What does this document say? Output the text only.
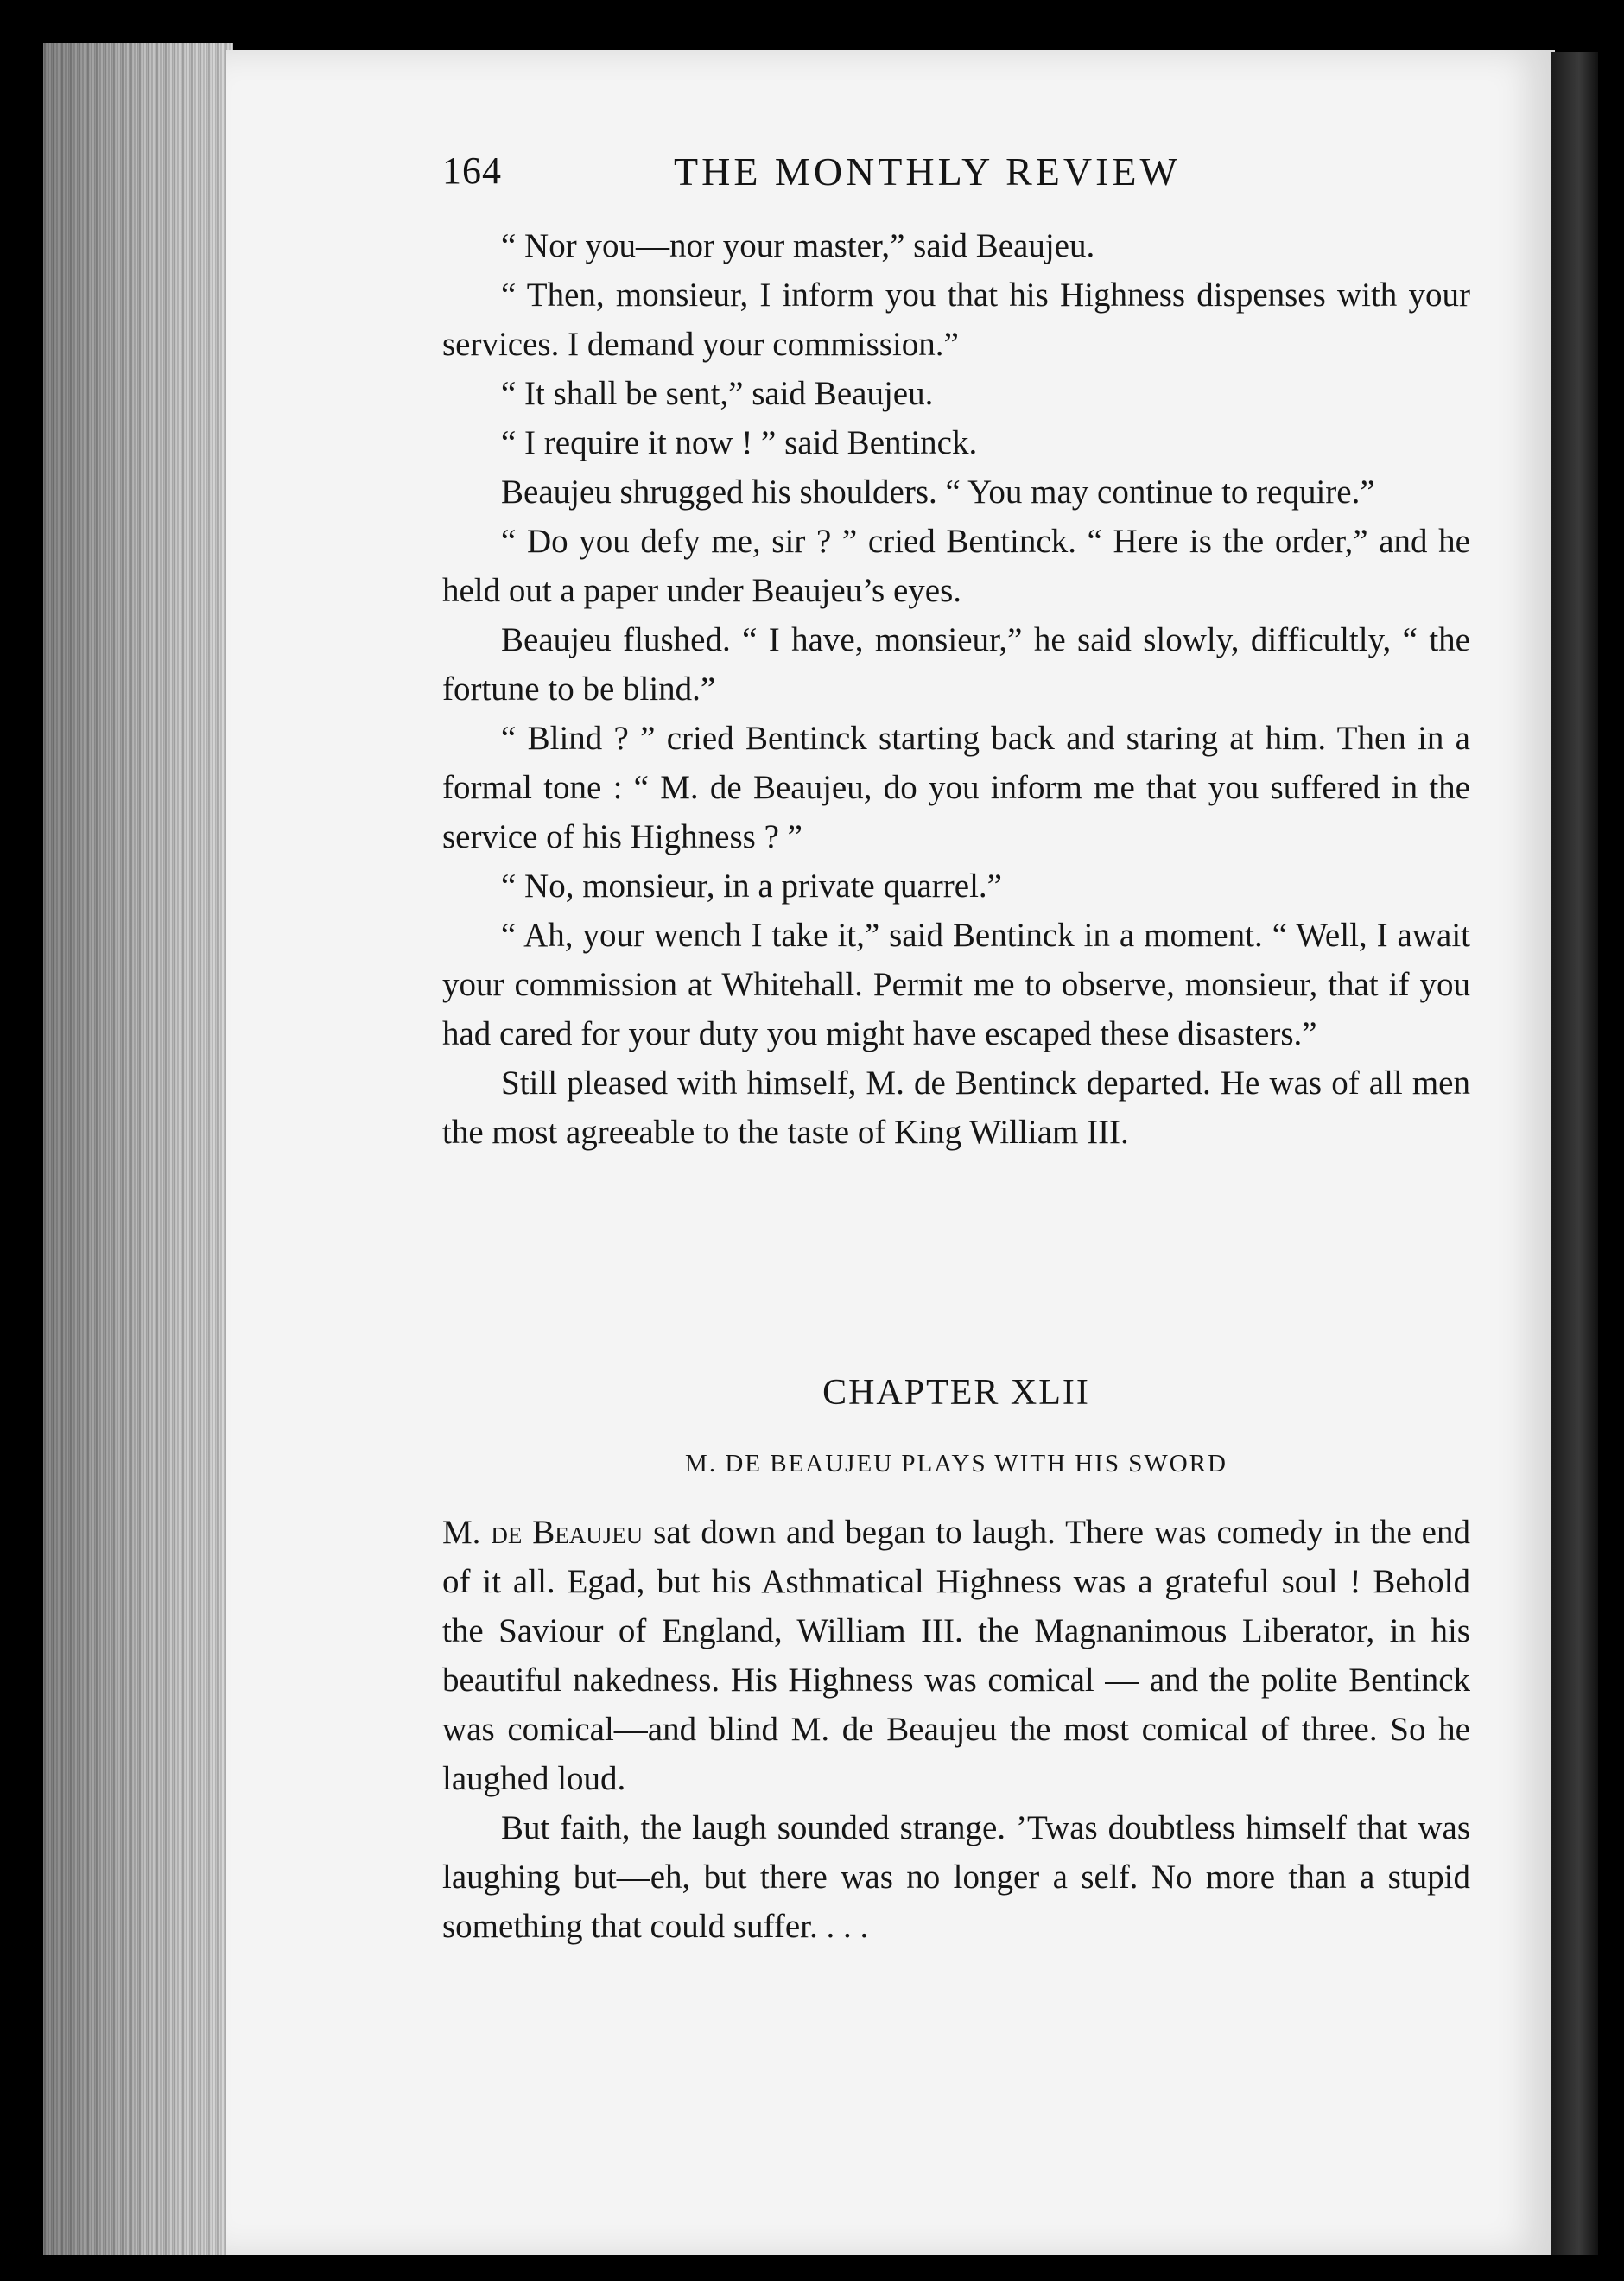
164	THE MONTHLY REVIEW

“ Nor you—nor your master,” said Beaujeu.

“ Then, monsieur, I inform you that his Highness dispenses with your services. I demand your commission.”

“ It shall be sent,” said Beaujeu.

“ I require it now ! ” said Bentinck.

Beaujeu shrugged his shoulders. “ You may continue to require.”

“ Do you defy me, sir ? ” cried Bentinck. “ Here is the order,” and he held out a paper under Beaujeu’s eyes.

Beaujeu flushed. “ I have, monsieur,” he said slowly, difficultly, “ the fortune to be blind.”

“ Blind ? ” cried Bentinck starting back and staring at him. Then in a formal tone : “ M. de Beaujeu, do you inform me that you suffered in the service of his Highness ? ”

“ No, monsieur, in a private quarrel.”

“ Ah, your wench I take it,” said Bentinck in a moment. “ Well, I await your commission at Whitehall. Permit me to observe, monsieur, that if you had cared for your duty you might have escaped these disasters.”

Still pleased with himself, M. de Bentinck departed. He was of all men the most agreeable to the taste of King William III.

CHAPTER XLII
M. DE BEAUJEU PLAYS WITH HIS SWORD

M. de Beaujeu sat down and began to laugh. There was comedy in the end of it all. Egad, but his Asthmatical Highness was a grateful soul ! Behold the Saviour of England, William III. the Magnanimous Liberator, in his beautiful nakedness. His Highness was comical — and the polite Bentinck was comical—and blind M. de Beaujeu the most comical of three. So he laughed loud.

But faith, the laugh sounded strange. ’Twas doubtless himself that was laughing but—eh, but there was no longer a self. No more than a stupid something that could suffer. . . .
